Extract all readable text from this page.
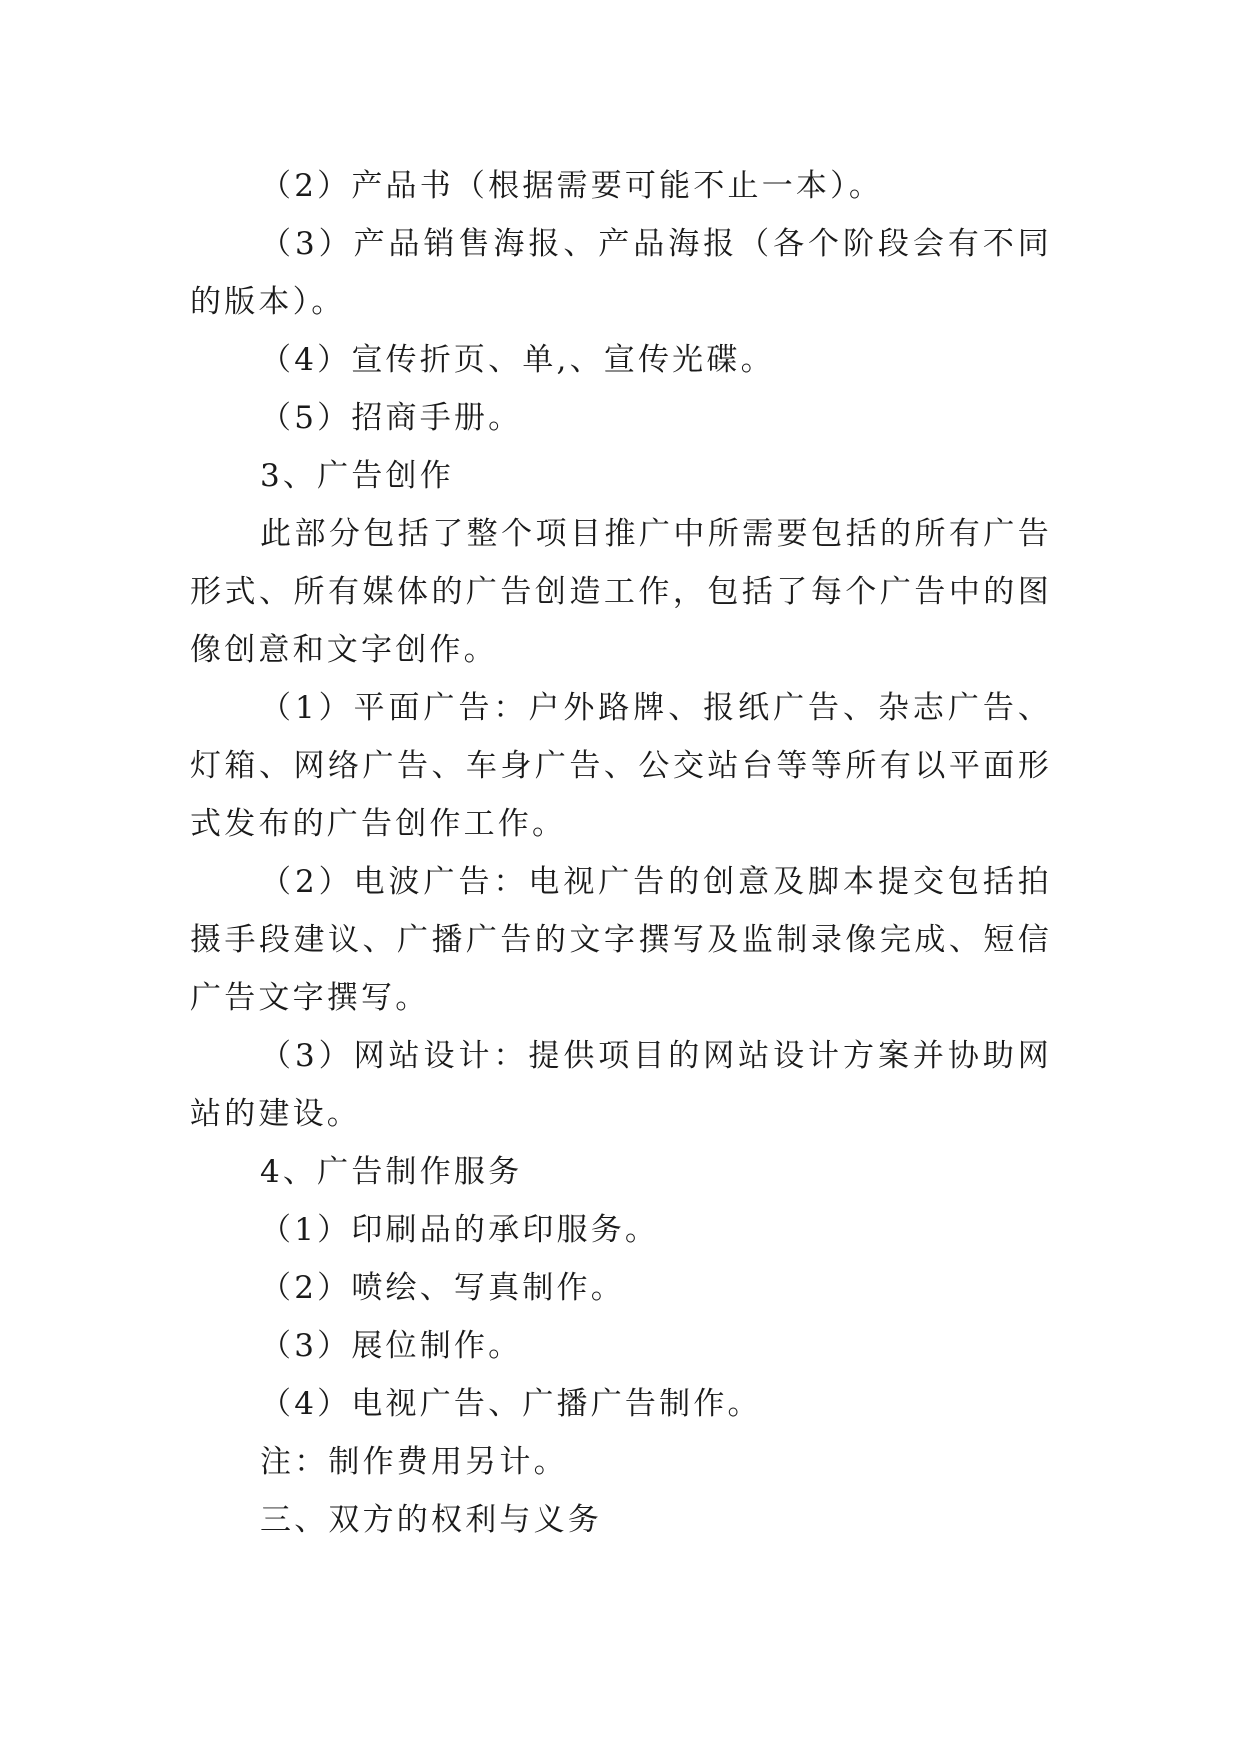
（2）产品书（根据需要可能不止一本）。

（3）产品销售海报、产品海报（各个阶段会有不同的版本）。

（4）宣传折页、单,、宣传光碟。

（5）招商手册。

3、广告创作

此部分包括了整个项目推广中所需要包括的所有广告形式、所有媒体的广告创造工作，包括了每个广告中的图像创意和文字创作。

（1）平面广告：户外路牌、报纸广告、杂志广告、灯箱、网络广告、车身广告、公交站台等等所有以平面形式发布的广告创作工作。

（2）电波广告：电视广告的创意及脚本提交包括拍摄手段建议、广播广告的文字撰写及监制录像完成、短信广告文字撰写。

（3）网站设计：提供项目的网站设计方案并协助网站的建设。

4、广告制作服务

（1）印刷品的承印服务。

（2）喷绘、写真制作。

（3）展位制作。

（4）电视广告、广播广告制作。

注：制作费用另计。

三、双方的权利与义务
